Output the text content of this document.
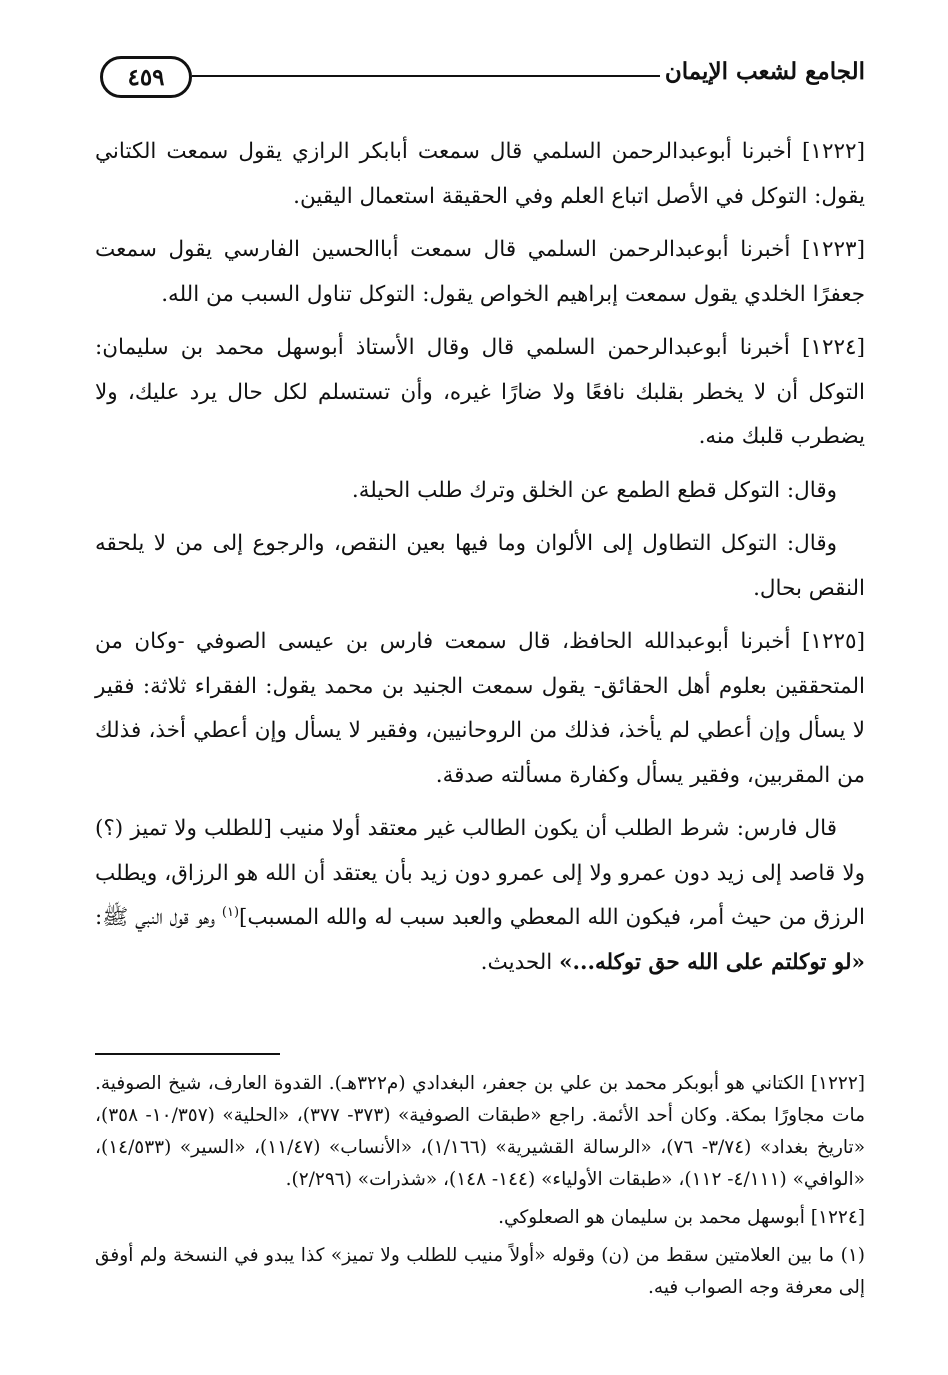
٤٥٩	الجامع لشعب الإيمان

[١٢٢٢] أخبرنا أبوعبدالرحمن السلمي قال سمعت أبابكر الرازي يقول سمعت الكتاني يقول: التوكل في الأصل اتباع العلم وفي الحقيقة استعمال اليقين.

[١٢٢٣] أخبرنا أبوعبدالرحمن السلمي قال سمعت أباالحسين الفارسي يقول سمعت جعفرًا الخلدي يقول سمعت إبراهيم الخواص يقول: التوكل تناول السبب من الله.

[١٢٢٤] أخبرنا أبوعبدالرحمن السلمي قال وقال الأستاذ أبوسهل محمد بن سليمان: التوكل أن لا يخطر بقلبك نافعًا ولا ضارًا غيره، وأن تستسلم لكل حال يرد عليك، ولا يضطرب قلبك منه.

وقال: التوكل قطع الطمع عن الخلق وترك طلب الحيلة.

وقال: التوكل التطاول إلى الألوان وما فيها بعين النقص، والرجوع إلى من لا يلحقه النقص بحال.

[١٢٢٥] أخبرنا أبوعبدالله الحافظ، قال سمعت فارس بن عيسى الصوفي -وكان من المتحققين بعلوم أهل الحقائق- يقول سمعت الجنيد بن محمد يقول: الفقراء ثلاثة: فقير لا يسأل وإن أعطي لم يأخذ، فذلك من الروحانيين، وفقير لا يسأل وإن أعطي أخذ، فذلك من المقربين، وفقير يسأل وكفارة مسألته صدقة.

قال فارس: شرط الطلب أن يكون الطالب غير معتقد أولا منيب [للطلب ولا تميز (؟) ولا قاصد إلى زيد دون عمرو ولا إلى عمرو دون زيد بأن يعتقد أن الله هو الرزاق، ويطلب الرزق من حيث أمر، فيكون الله المعطي والعبد سبب له والله المسبب]$^{(١)}$ وهو قول النبي ﷺ: «لو توكلتم على الله حق توكله...» الحديث.

[١٢٢٢] الكتاني هو أبوبكر محمد بن علي بن جعفر، البغدادي (م٣٢٢هـ). القدوة العارف، شيخ الصوفية. مات مجاورًا بمكة. وكان أحد الأئمة. راجع «طبقات الصوفية» (٣٧٣- ٣٧٧)، «الحلية» (١٠/٣٥٧- ٣٥٨)، «تاريخ بغداد» (٣/٧٤- ٧٦)، «الرسالة القشيرية» (١/١٦٦)، «الأنساب» (١١/٤٧)، «السير» (١٤/٥٣٣)، «الوافي» (٤/١١١- ١١٢)، «طبقات الأولياء» (١٤٤- ١٤٨)، «شذرات» (٢/٢٩٦).

[١٢٢٤] أبوسهل محمد بن سليمان هو الصعلوكي.

(١) ما بين العلامتين سقط من (ن) وقوله «أولاً منيب للطلب ولا تميز» كذا يبدو في النسخة ولم أوفق إلى معرفة وجه الصواب فيه.
